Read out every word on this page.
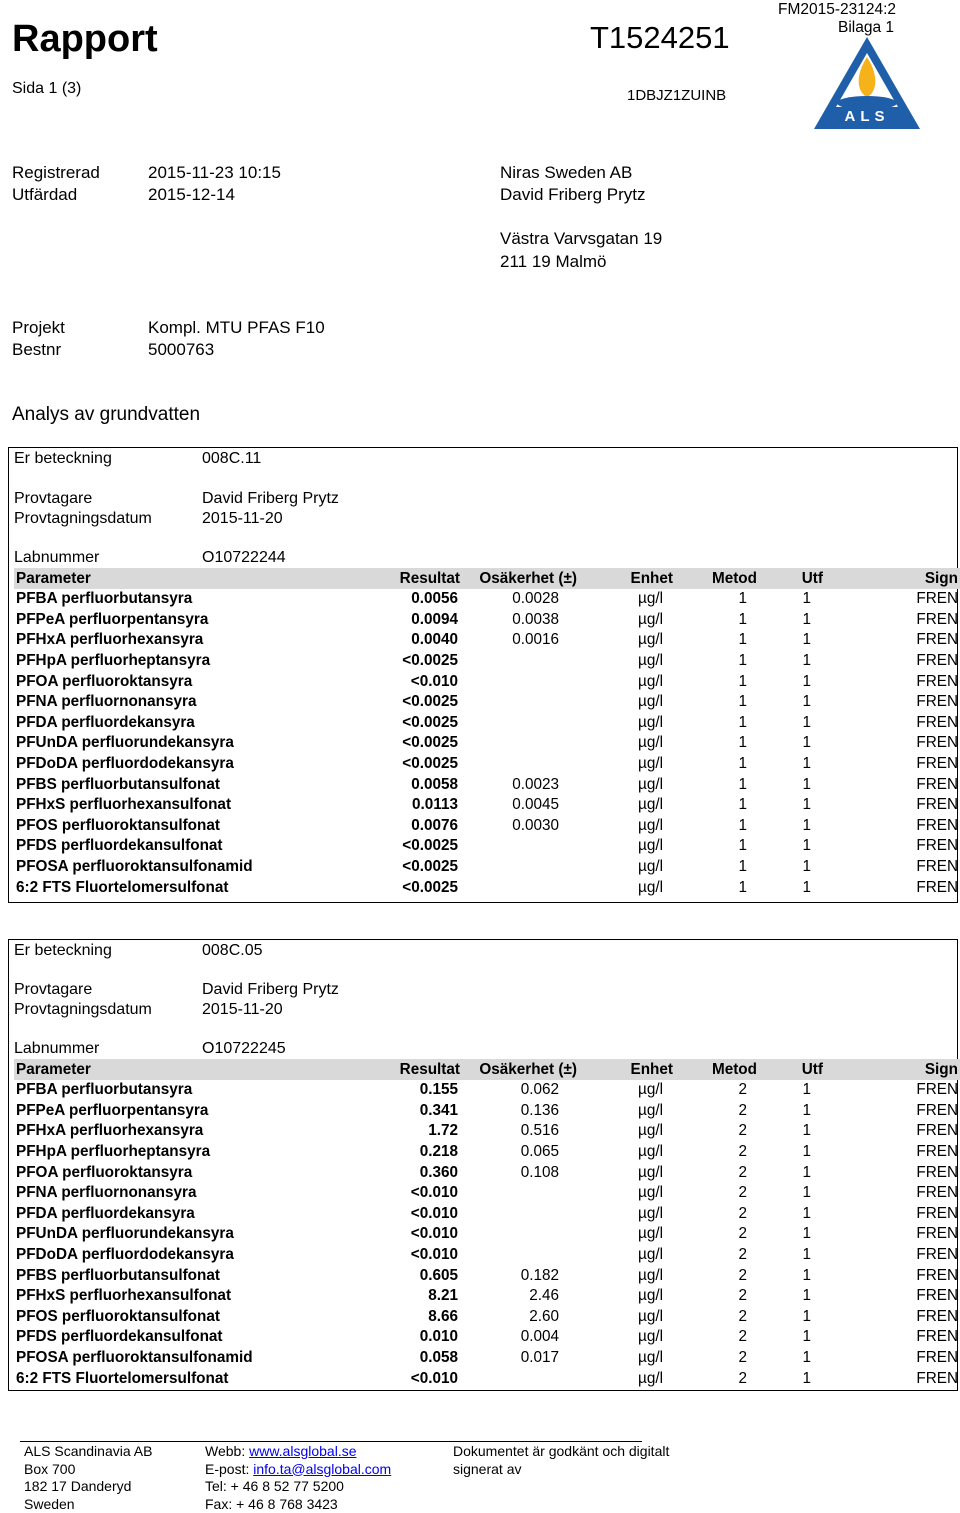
Rapport
Sida 1 (3)
T1524251
1DBJZ1ZUINB
FM2015-23124:2
Bilaga 1
ALS
Registrerad	2015-11-23 10:15
Utfärdad	2015-12-14
Niras Sweden AB
David Friberg Prytz
Västra Varvsgatan 19
211 19 Malmö
Projekt	Kompl. MTU PFAS F10
Bestnr	5000763
Analys av grundvatten
Er beteckning	008C.11
Provtagare	David Friberg Prytz
Provtagningsdatum	2015-11-20
Labnummer	O10722244
Parameter	Resultat	Osäkerhet (±)	Enhet	Metod	Utf	Sign
PFBA perfluorbutansyra	0.0056	0.0028	µg/l	1	1	FREN
PFPeA perfluorpentansyra	0.0094	0.0038	µg/l	1	1	FREN
PFHxA perfluorhexansyra	0.0040	0.0016	µg/l	1	1	FREN
PFHpA perfluorheptansyra	<0.0025		µg/l	1	1	FREN
PFOA perfluoroktansyra	<0.010		µg/l	1	1	FREN
PFNA perfluornonansyra	<0.0025		µg/l	1	1	FREN
PFDA perfluordekansyra	<0.0025		µg/l	1	1	FREN
PFUnDA perfluorundekansyra	<0.0025		µg/l	1	1	FREN
PFDoDA perfluordodekansyra	<0.0025		µg/l	1	1	FREN
PFBS perfluorbutansulfonat	0.0058	0.0023	µg/l	1	1	FREN
PFHxS perfluorhexansulfonat	0.0113	0.0045	µg/l	1	1	FREN
PFOS perfluoroktansulfonat	0.0076	0.0030	µg/l	1	1	FREN
PFDS perfluordekansulfonat	<0.0025		µg/l	1	1	FREN
PFOSA perfluoroktansulfonamid	<0.0025		µg/l	1	1	FREN
6:2 FTS Fluortelomersulfonat	<0.0025		µg/l	1	1	FREN
Er beteckning	008C.05
Provtagare	David Friberg Prytz
Provtagningsdatum	2015-11-20
Labnummer	O10722245
Parameter	Resultat	Osäkerhet (±)	Enhet	Metod	Utf	Sign
PFBA perfluorbutansyra	0.155	0.062	µg/l	2	1	FREN
PFPeA perfluorpentansyra	0.341	0.136	µg/l	2	1	FREN
PFHxA perfluorhexansyra	1.72	0.516	µg/l	2	1	FREN
PFHpA perfluorheptansyra	0.218	0.065	µg/l	2	1	FREN
PFOA perfluoroktansyra	0.360	0.108	µg/l	2	1	FREN
PFNA perfluornonansyra	<0.010		µg/l	2	1	FREN
PFDA perfluordekansyra	<0.010		µg/l	2	1	FREN
PFUnDA perfluorundekansyra	<0.010		µg/l	2	1	FREN
PFDoDA perfluordodekansyra	<0.010		µg/l	2	1	FREN
PFBS perfluorbutansulfonat	0.605	0.182	µg/l	2	1	FREN
PFHxS perfluorhexansulfonat	8.21	2.46	µg/l	2	1	FREN
PFOS perfluoroktansulfonat	8.66	2.60	µg/l	2	1	FREN
PFDS perfluordekansulfonat	0.010	0.004	µg/l	2	1	FREN
PFOSA perfluoroktansulfonamid	0.058	0.017	µg/l	2	1	FREN
6:2 FTS Fluortelomersulfonat	<0.010		µg/l	2	1	FREN
ALS Scandinavia AB
Box 700
182 17 Danderyd
Sweden
Webb: www.alsglobal.se
E-post: info.ta@alsglobal.com
Tel: + 46 8 52 77 5200
Fax: + 46 8 768 3423
Dokumentet är godkänt och digitalt
signerat av
